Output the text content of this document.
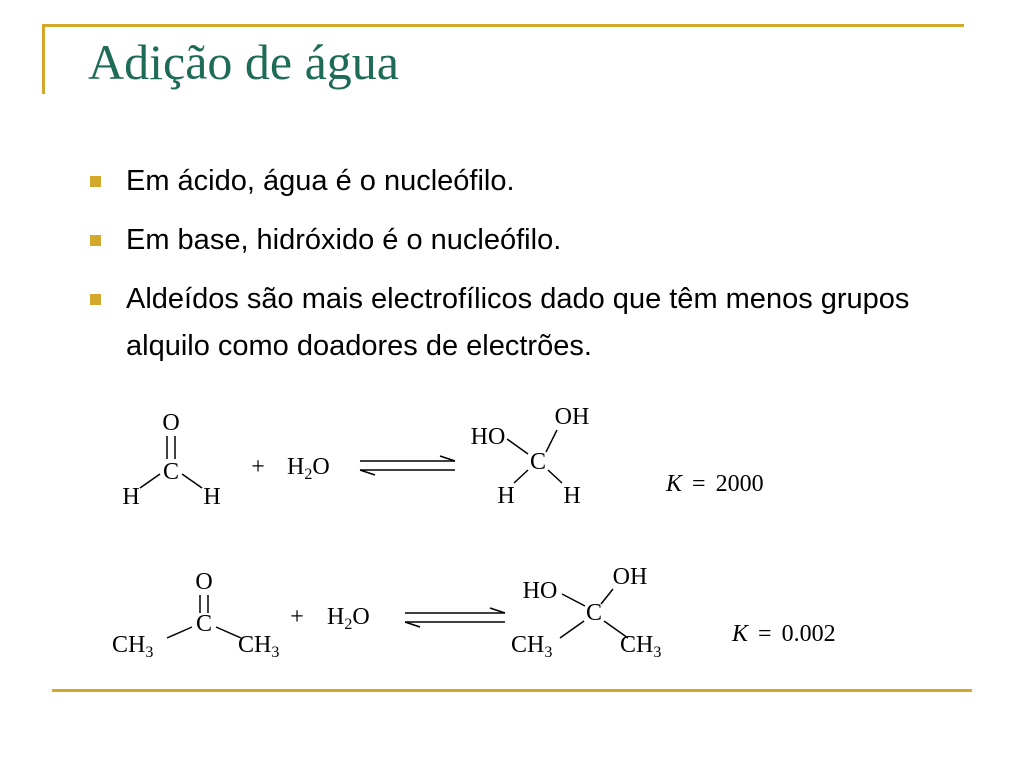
Adição de água
Em ácido, água é o nucleófilo.
Em base, hidróxido é o nucleófilo.
Aldeídos são mais electrofílicos dado que têm menos grupos alquilo como doadores de electrões.
O
C
H	H
+ H2O
OH
HO
C
H H	K = 2000
O
C
CH3	CH3
+ H2O
OH
HO
C
CH3	CH3
K = 0.002
